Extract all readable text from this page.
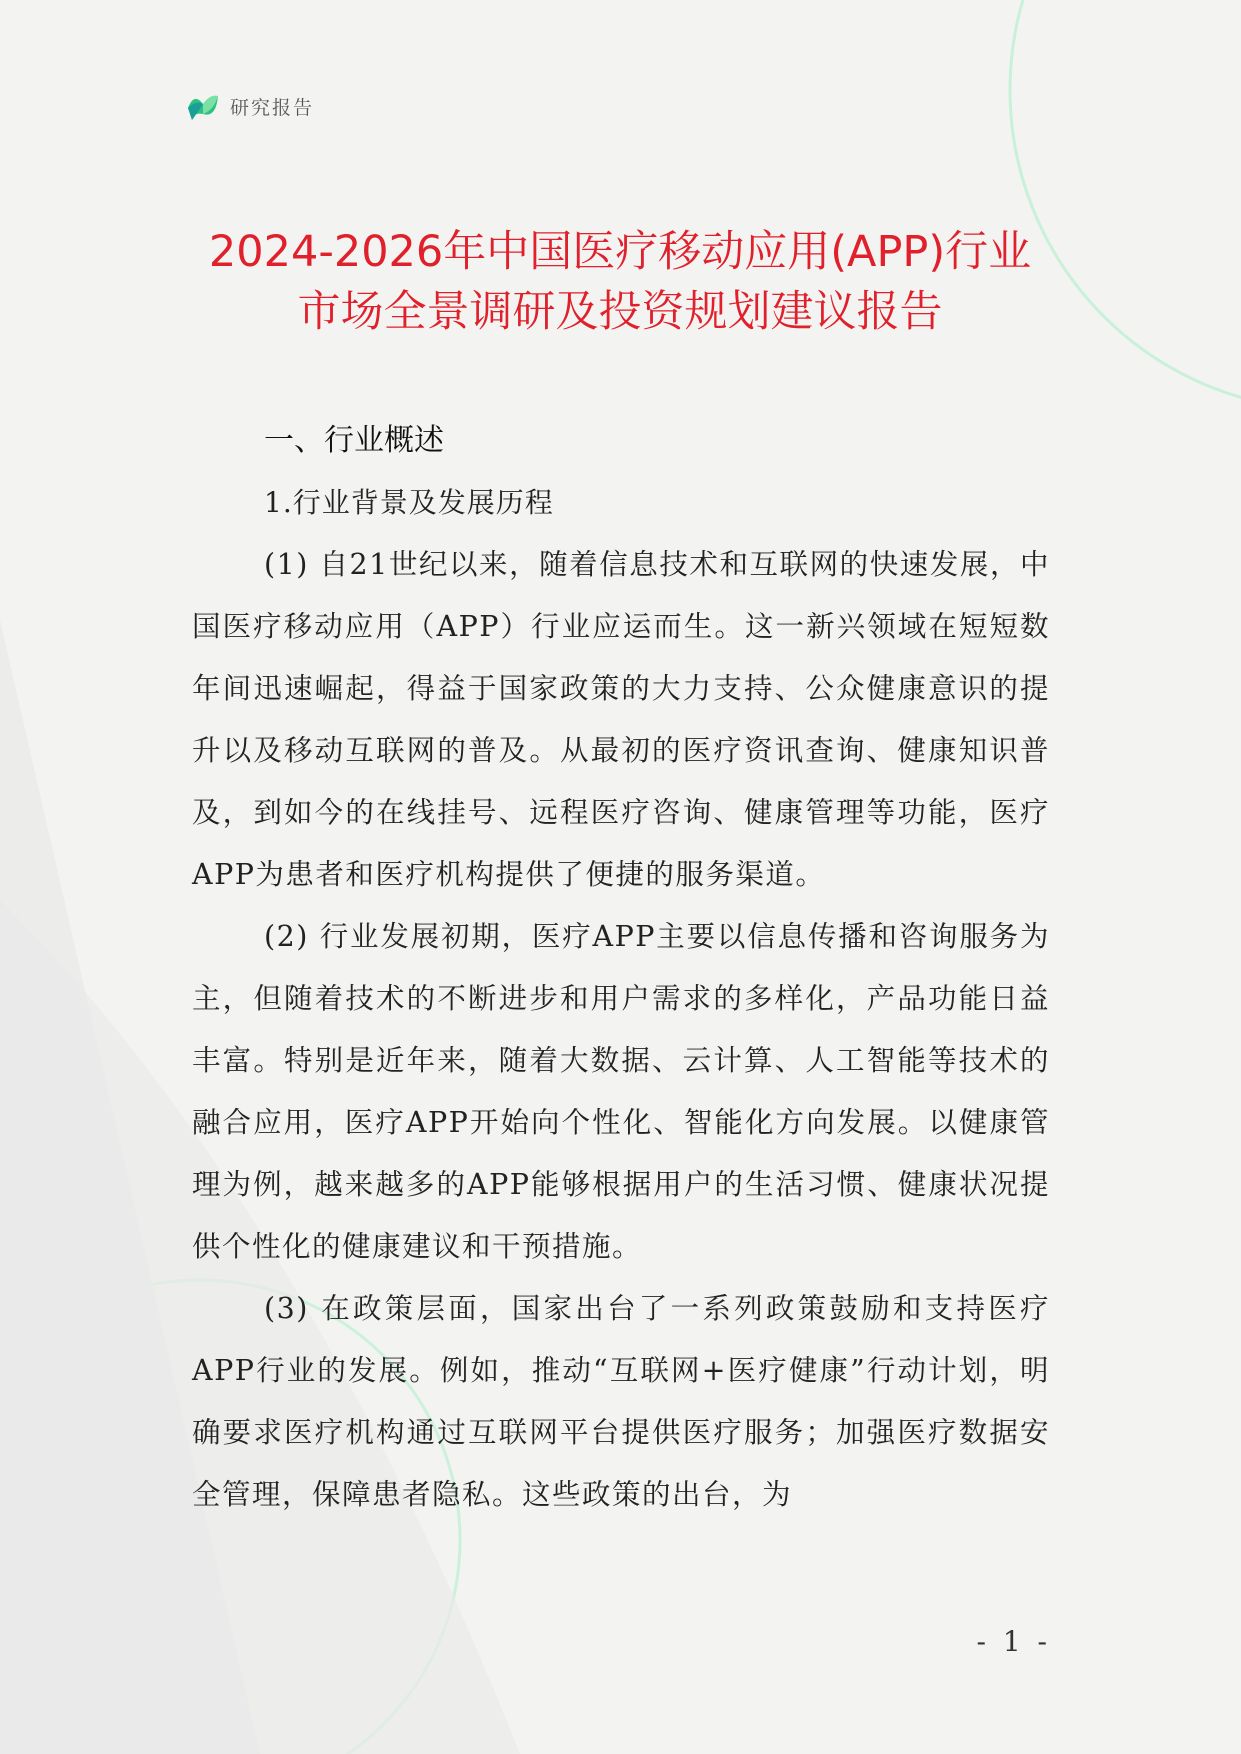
研究报告
2024-2026年中国医疗移动应用(APP)行业
市场全景调研及投资规划建议报告
一、行业概述
1.行业背景及发展历程

(1) 自21世纪以来，随着信息技术和互联网的快速发展，中国医疗移动应用（APP）行业应运而生。这一新兴领域在短短数年间迅速崛起，得益于国家政策的大力支持、公众健康意识的提升以及移动互联网的普及。从最初的医疗资讯查询、健康知识普及，到如今的在线挂号、远程医疗咨询、健康管理等功能，医疗APP为患者和医疗机构提供了便捷的服务渠道。

(2) 行业发展初期，医疗APP主要以信息传播和咨询服务为主，但随着技术的不断进步和用户需求的多样化，产品功能日益丰富。特别是近年来，随着大数据、云计算、人工智能等技术的融合应用，医疗APP开始向个性化、智能化方向发展。以健康管理为例，越来越多的APP能够根据用户的生活习惯、健康状况提供个性化的健康建议和干预措施。

(3) 在政策层面，国家出台了一系列政策鼓励和支持医疗APP行业的发展。例如，推动“互联网+医疗健康”行动计划，明确要求医疗机构通过互联网平台提供医疗服务；加强医疗数据安全管理，保障患者隐私。这些政策的出台，为

- 1 -
